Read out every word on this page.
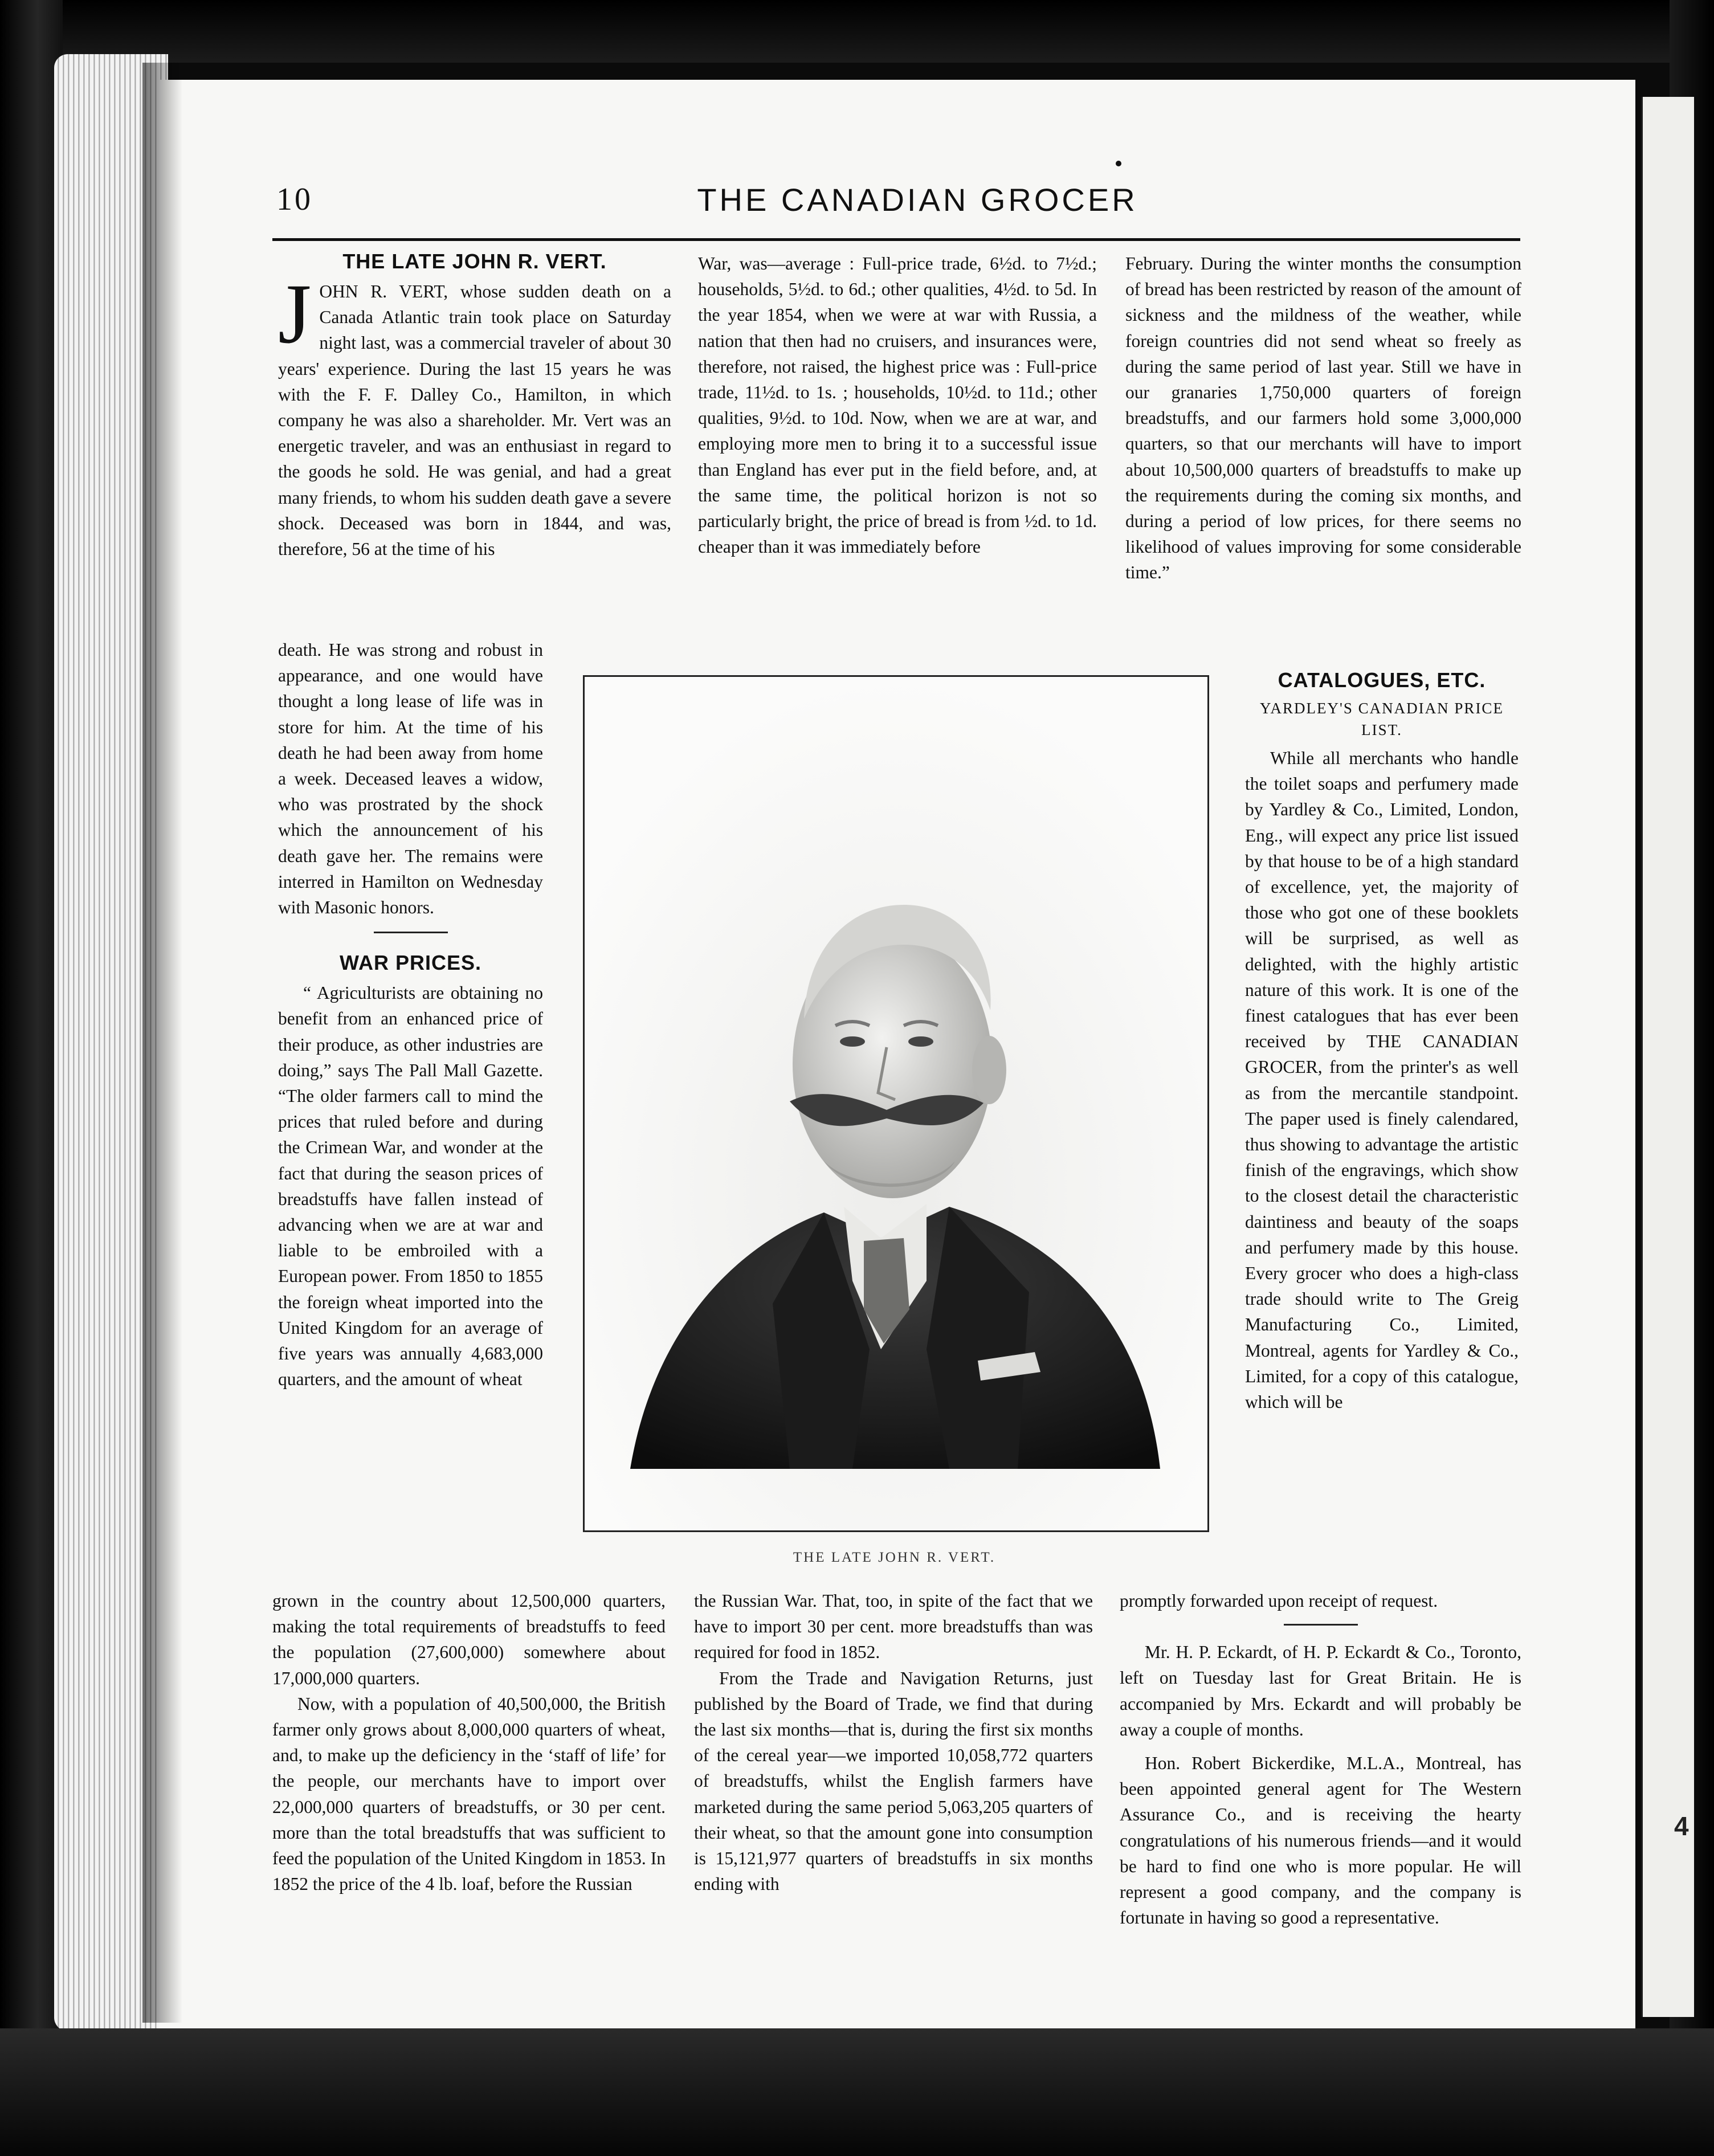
4
10	THE CANADIAN GROCER
THE LATE JOHN R. VERT.

JOHN R. VERT, whose sudden death on a Canada Atlantic train took place on Saturday night last, was a commercial traveler of about 30 years' experience. During the last 15 years he was with the F. F. Dalley Co., Hamilton, in which company he was also a shareholder. Mr. Vert was an energetic traveler, and was an enthusiast in regard to the goods he sold. He was genial, and had a great many friends, to whom his sudden death gave a severe shock. Deceased was born in 1844, and was, therefore, 56 at the time of his

death. He was strong and robust in appearance, and one would have thought a long lease of life was in store for him. At the time of his death he had been away from home a week. Deceased leaves a widow, who was prostrated by the shock which the announcement of his death gave her. The remains were interred in Hamilton on Wednesday with Masonic honors.

WAR PRICES.

“ Agriculturists are obtaining no benefit from an enhanced price of their produce, as other industries are doing,” says The Pall Mall Gazette. “The older farmers call to mind the prices that ruled before and during the Crimean War, and wonder at the fact that during the season prices of breadstuffs have fallen instead of advancing when we are at war and liable to be embroiled with a European power. From 1850 to 1855 the foreign wheat imported into the United Kingdom for an average of five years was annually 4,683,000 quarters, and the amount of wheat

grown in the country about 12,500,000 quarters, making the total requirements of breadstuffs to feed the population (27,600,000) somewhere about 17,000,000 quarters.

Now, with a population of 40,500,000, the British farmer only grows about 8,000,000 quarters of wheat, and, to make up the deficiency in the ‘staff of life’ for the people, our merchants have to import over 22,000,000 quarters of breadstuffs, or 30 per cent. more than the total breadstuffs that was sufficient to feed the population of the United Kingdom in 1853. In 1852 the price of the 4 lb. loaf, before the Russian

War, was—average : Full-price trade, 6½d. to 7½d.; households, 5½d. to 6d.; other qualities, 4½d. to 5d. In the year 1854, when we were at war with Russia, a nation that then had no cruisers, and insurances were, therefore, not raised, the highest price was : Full-price trade, 11½d. to 1s. ; households, 10½d. to 11d.; other qualities, 9½d. to 10d. Now, when we are at war, and employing more men to bring it to a successful issue than England has ever put in the field before, and, at the same time, the political horizon is not so particularly bright, the price of bread is from ½d. to 1d. cheaper than it was immediately before

THE LATE JOHN R. VERT.

the Russian War. That, too, in spite of the fact that we have to import 30 per cent. more breadstuffs than was required for food in 1852.

From the Trade and Navigation Returns, just published by the Board of Trade, we find that during the last six months—that is, during the first six months of the cereal year—we imported 10,058,772 quarters of breadstuffs, whilst the English farmers have marketed during the same period 5,063,205 quarters of their wheat, so that the amount gone into consumption is 15,121,977 quarters of breadstuffs in six months ending with

February. During the winter months the consumption of bread has been restricted by reason of the amount of sickness and the mildness of the weather, while foreign countries did not send wheat so freely as during the same period of last year. Still we have in our granaries 1,750,000 quarters of foreign breadstuffs, and our farmers hold some 3,000,000 quarters, so that our merchants will have to import about 10,500,000 quarters of breadstuffs to make up the requirements during the coming six months, and during a period of low prices, for there seems no likelihood of values improving for some considerable time.”

CATALOGUES, ETC.
YARDLEY'S CANADIAN PRICE LIST.

While all merchants who handle the toilet soaps and perfumery made by Yardley & Co., Limited, London, Eng., will expect any price list issued by that house to be of a high standard of excellence, yet, the majority of those who got one of these booklets will be surprised, as well as delighted, with the highly artistic nature of this work. It is one of the finest catalogues that has ever been received by THE CANADIAN GROCER, from the printer's as well as from the mercantile standpoint. The paper used is finely calendared, thus showing to advantage the artistic finish of the engravings, which show to the closest detail the characteristic daintiness and beauty of the soaps and perfumery made by this house. Every grocer who does a high-class trade should write to The Greig Manufacturing Co., Limited, Montreal, agents for Yardley & Co., Limited, for a copy of this catalogue, which will be

promptly forwarded upon receipt of request.

Mr. H. P. Eckardt, of H. P. Eckardt & Co., Toronto, left on Tuesday last for Great Britain. He is accompanied by Mrs. Eckardt and will probably be away a couple of months.

Hon. Robert Bickerdike, M.L.A., Montreal, has been appointed general agent for The Western Assurance Co., and is receiving the hearty congratulations of his numerous friends—and it would be hard to find one who is more popular. He will represent a good company, and the company is fortunate in having so good a representative.
